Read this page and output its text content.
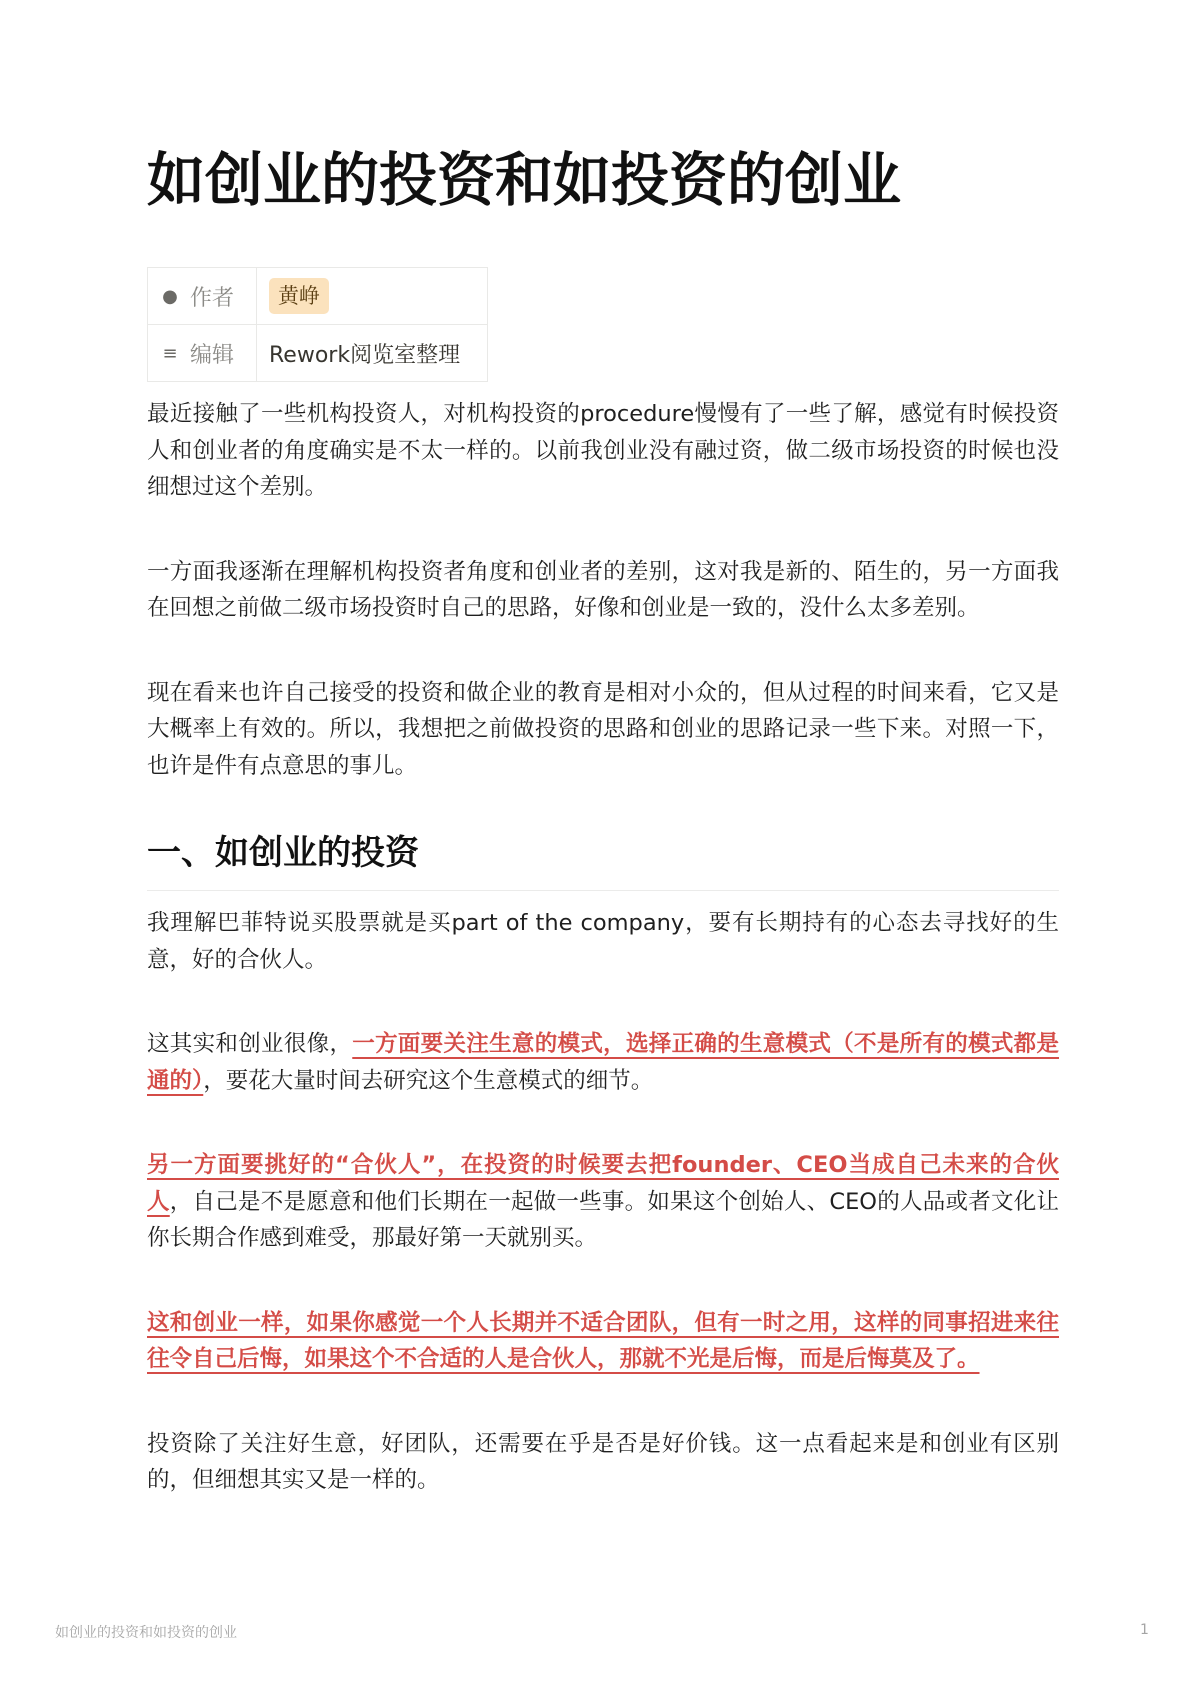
如创业的投资和如投资的创业
● 作者	黄峥
≡ 编辑	Rework阅览室整理

最近接触了一些机构投资人，对机构投资的procedure慢慢有了一些了解，感觉有时候投资人和创业者的角度确实是不太一样的。以前我创业没有融过资，做二级市场投资的时候也没细想过这个差别。

一方面我逐渐在理解机构投资者角度和创业者的差别，这对我是新的、陌生的，另一方面我在回想之前做二级市场投资时自己的思路，好像和创业是一致的，没什么太多差别。

现在看来也许自己接受的投资和做企业的教育是相对小众的，但从过程的时间来看，它又是大概率上有效的。所以，我想把之前做投资的思路和创业的思路记录一些下来。对照一下，也许是件有点意思的事儿。

一、如创业的投资

我理解巴菲特说买股票就是买part of the company，要有长期持有的心态去寻找好的生意，好的合伙人。

这其实和创业很像，一方面要关注生意的模式，选择正确的生意模式（不是所有的模式都是通的），要花大量时间去研究这个生意模式的细节。

另一方面要挑好的“合伙人”，在投资的时候要去把founder、CEO当成自己未来的合伙人，自己是不是愿意和他们长期在一起做一些事。如果这个创始人、CEO的人品或者文化让你长期合作感到难受，那最好第一天就别买。

这和创业一样，如果你感觉一个人长期并不适合团队，但有一时之用，这样的同事招进来往往令自己后悔，如果这个不合适的人是合伙人，那就不光是后悔，而是后悔莫及了。

投资除了关注好生意，好团队，还需要在乎是否是好价钱。这一点看起来是和创业有区别的，但细想其实又是一样的。

如创业的投资和如投资的创业	1
